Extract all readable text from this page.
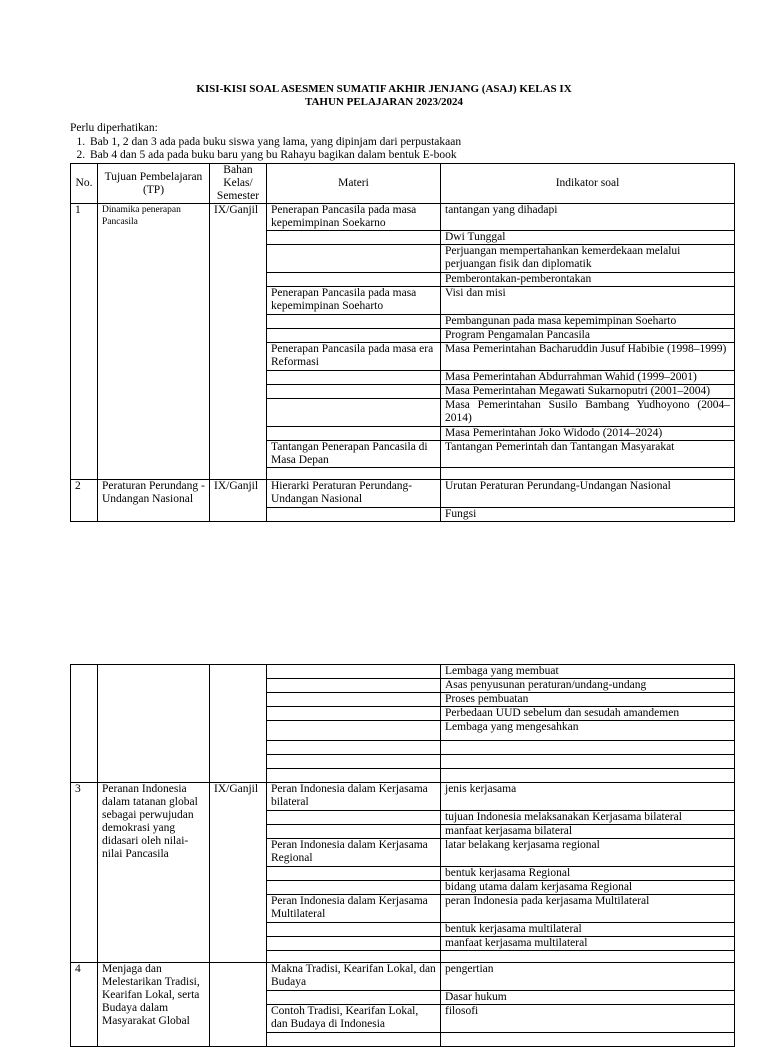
KISI-KISI SOAL ASESMEN SUMATIF AKHIR JENJANG (ASAJ) KELAS IX
TAHUN PELAJARAN 2023/2024
Perlu diperhatikan:
1. Bab 1, 2 dan 3 ada pada buku siswa yang lama, yang dipinjam dari perpustakaan
2. Bab 4 dan 5 ada pada buku baru yang bu Rahayu bagikan dalam bentuk E-book
No.	Tujuan Pembelajaran (TP)	Bahan Kelas/ Semester	Materi	Indikator soal
1	Dinamika penerapan Pancasila	IX/Ganjil	Penerapan Pancasila pada masa kepemimpinan Soekarno	tantangan yang dihadapi
				Dwi Tunggal
				Perjuangan mempertahankan kemerdekaan melalui perjuangan fisik dan diplomatik
				Pemberontakan-pemberontakan
			Penerapan Pancasila pada masa kepemimpinan Soeharto	Visi dan misi
				Pembangunan pada masa kepemimpinan Soeharto
				Program Pengamalan Pancasila
			Penerapan Pancasila pada masa era Reformasi	Masa Pemerintahan Bacharuddin Jusuf Habibie (1998–1999)
				Masa Pemerintahan Abdurrahman Wahid (1999–2001)
				Masa Pemerintahan Megawati Sukarnoputri (2001–2004)
				Masa Pemerintahan Susilo Bambang Yudhoyono (2004–2014)
				Masa Pemerintahan Joko Widodo (2014–2024)
			Tantangan Penerapan Pancasila di Masa Depan	Tantangan Pemerintah dan Tantangan Masyarakat

2	Peraturan Perundang -Undangan Nasional	IX/Ganjil	Hierarki Peraturan Perundang-Undangan Nasional	Urutan Peraturan Perundang-Undangan Nasional
				Fungsi
				Lembaga yang membuat
				Asas penyusunan peraturan/undang-undang
				Proses pembuatan
				Perbedaan UUD sebelum dan sesudah amandemen
				Lembaga yang mengesahkan

3	Peranan Indonesia dalam tatanan global sebagai perwujudan demokrasi yang didasari oleh nilai-nilai Pancasila	IX/Ganjil	Peran Indonesia dalam Kerjasama bilateral	jenis kerjasama
				tujuan Indonesia melaksanakan Kerjasama bilateral
				manfaat kerjasama bilateral
			Peran Indonesia dalam Kerjasama Regional	latar belakang kerjasama regional
				bentuk kerjasama Regional
				bidang utama dalam kerjasama Regional
			Peran Indonesia dalam Kerjasama Multilateral	peran Indonesia pada kerjasama Multilateral
				bentuk kerjasama multilateral
				manfaat kerjasama multilateral

4	Menjaga dan Melestarikan Tradisi, Kearifan Lokal, serta Budaya dalam Masyarakat Global		Makna Tradisi, Kearifan Lokal, dan Budaya	pengertian
				Dasar hukum
			Contoh Tradisi, Kearifan Lokal, dan Budaya di Indonesia	filosofi
